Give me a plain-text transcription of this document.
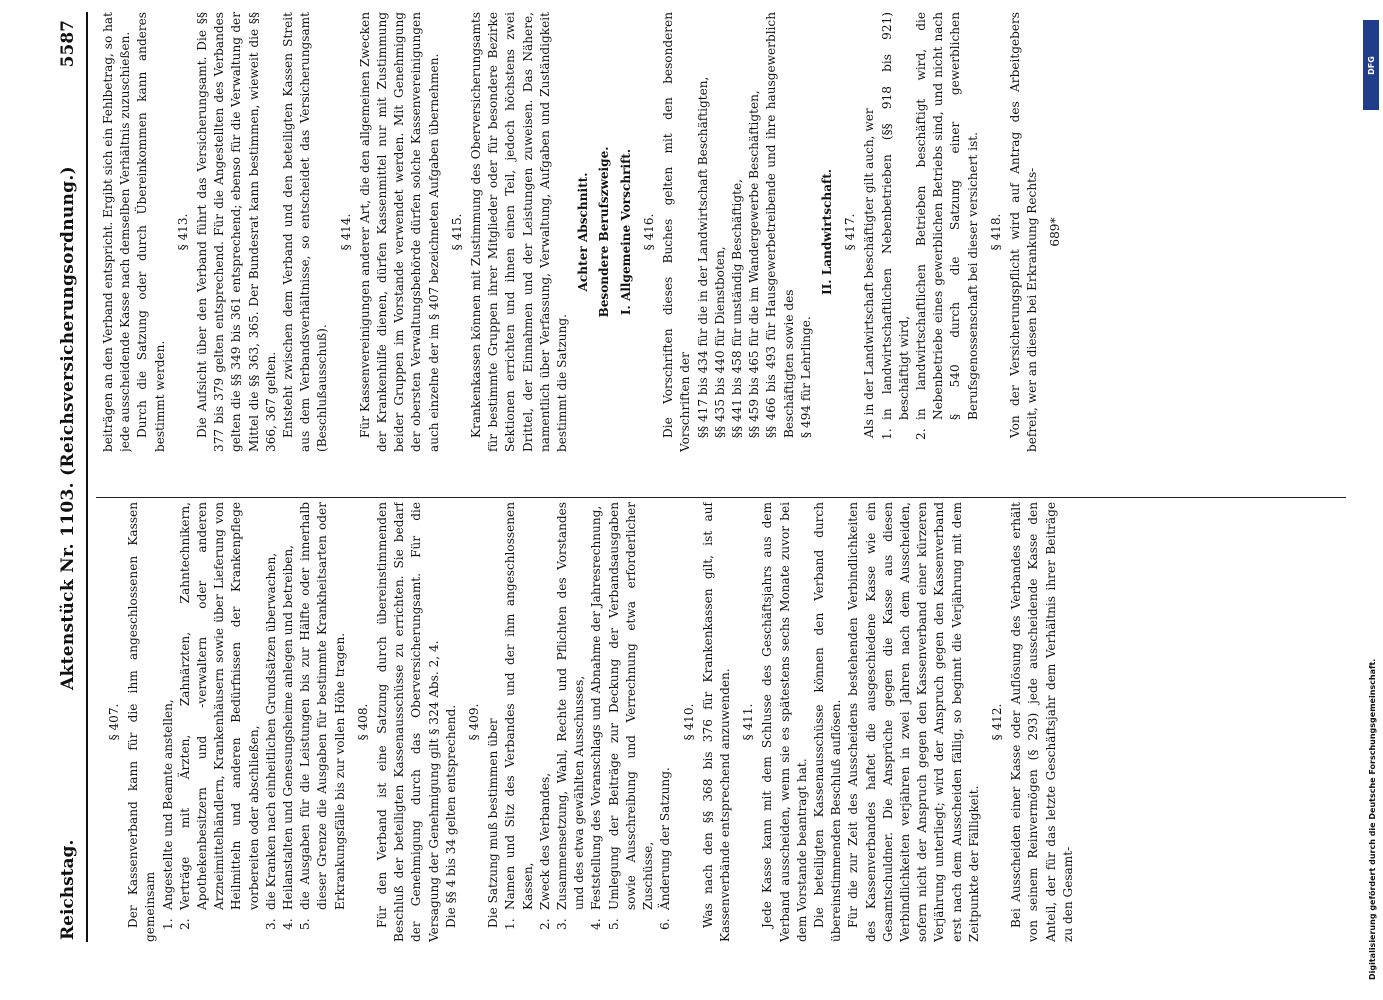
Reichstag.
Aktenstück Nr. 1103. (Reichsversicherungsordnung.)
5587

§ 407. Der Kassenverband kann für die ihm angeschlossenen Kassen gemeinsam 1.
Angestellte und Beamte anstellen,

2.
Verträge mit Ärzten, Zahnärzten, Zahntechnikern, Apothekenbesitzern und -verwaltern oder anderen Arzneimittelhändlern, Krankenhäusern sowie über Lieferung von Heilmitteln und anderen Bedürfnissen der Krankenpflege vorbereiten oder abschließen,

3.
die Kranken nach einheitlichen Grundsätzen überwachen,

4.
Heilanstalten und Genesungsheime anlegen und betreiben,

5.
die Ausgaben für die Leistungen bis zur Hälfte oder innerhalb dieser Grenze die Ausgaben für bestimmte Krankheitsarten oder Erkrankungsfälle bis zur vollen Höhe tragen. § 408. Für den Verband ist eine Satzung durch übereinstimmenden Beschluß der beteiligten Kassenausschüsse zu errichten. Sie bedarf der Genehmigung durch das Oberversicherungsamt. Für die Versagung der Genehmigung gilt § 324 Abs. 2, 4. Die §§ 4 bis 34 gelten entsprechend. § 409. Die Satzung muß bestimmen über 1.
Namen und Sitz des Verbandes und der ihm angeschlossenen Kassen,

2.
Zweck des Verbandes,

3.
Zusammensetzung, Wahl, Rechte und Pflichten des Vorstandes und des etwa gewählten Ausschusses,

4.
Feststellung des Voranschlags und Abnahme der Jahresrechnung,

5.
Umlegung der Beiträge zur Deckung der Verbandsausgaben sowie Ausschreibung und Verrechnung etwa erforderlicher Zuschüsse,

6.
Änderung der Satzung.

§ 410. Was nach den §§ 368 bis 376 für Krankenkassen gilt, ist auf Kassenverbände entsprechend anzuwenden. § 411. Jede Kasse kann mit dem Schlusse des Geschäftsjahrs aus dem Verband ausscheiden, wenn sie es spätestens sechs Monate zuvor bei dem Vorstande beantragt hat. Die beteiligten Kassenausschüsse können den Verband durch übereinstimmenden Beschluß auflösen. Für die zur Zeit des Ausscheidens bestehenden Verbindlichkeiten des Kassenverbandes haftet die ausgeschiedene Kasse wie ein Gesamtschuldner. Die Ansprüche gegen die Kasse aus diesen Verbindlichkeiten verjähren in zwei Jahren nach dem Ausscheiden, sofern nicht der Anspruch gegen den Kassenverband einer kürzeren Verjährung unterliegt; wird der Anspruch gegen den Kassenverband erst nach dem Ausscheiden fällig, so beginnt die Verjährung mit dem Zeitpunkte der Fälligkeit.

§ 412. Bei Ausscheiden einer Kasse oder Auflösung des Verbandes erhält von seinem Reinvermögen (§ 293) jede ausscheidende Kasse den Anteil, der für das letzte Geschäftsjahr dem Verhältnis ihrer Beiträge zu den Gesamt-

beiträgen an den Verband entspricht. Ergibt sich ein Fehlbetrag, so hat jede ausscheidende Kasse nach demselben Verhältnis zuzuschießen. Durch die Satzung oder durch Übereinkommen kann anderes bestimmt werden.

§ 413. Die Aufsicht über den Verband führt das Versicherungsamt. Die §§ 377 bis 379 gelten entsprechend. Für die Angestellten des Verbandes gelten die §§ 349 bis 361 entsprechend; ebenso für die Verwaltung der Mittel die §§ 363, 365. Der Bundesrat kann bestimmen, wieweit die §§ 366, 367 gelten. Entsteht zwischen dem Verband und den beteiligten Kassen Streit aus dem Verbandsverhältnisse, so entscheidet das Versicherungsamt (Beschlußausschuß).

§ 414. Für Kassenvereinigungen anderer Art, die den allgemeinen Zwecken der Krankenhilfe dienen, dürfen Kassenmittel nur mit Zustimmung beider Gruppen im Vorstande verwendet werden. Mit Genehmigung der obersten Verwaltungsbehörde dürfen solche Kassenvereinigungen auch einzelne der im § 407 bezeichneten Aufgaben übernehmen. § 415. Krankenkassen können mit Zustimmung des Oberversicherungsamts für bestimmte Gruppen ihrer Mitglieder oder für besondere Bezirke Sektionen errichten und ihnen einen Teil, jedoch höchstens zwei Drittel, der Einnahmen und der Leistungen zuweisen. Das Nähere, namentlich über Verfassung, Verwaltung, Aufgaben und Zuständigkeit bestimmt die Satzung.

Achter Abschnitt. Besondere Berufszweige. I. Allgemeine Vorschrift. § 416. Die Vorschriften dieses Buches gelten mit den besonderen Vorschriften der §§ 417 bis 434 für die in der Landwirtschaft Beschäftigten, §§ 435 bis 440 für Dienstboten, §§ 441 bis 458 für unständig Beschäftigte, §§ 459 bis 465 für die im Wandergewerbe Beschäftigten, §§ 466 bis 493 für Hausgewerbetreibende und ihre hausgewerblich Beschäftigten sowie des § 494 für Lehrlinge.

II. Landwirtschaft. § 417. Als in der Landwirtschaft beschäftigter gilt auch, wer 1.
in landwirtschaftlichen Nebenbetrieben (§§ 918 bis 921) beschäftigt wird,

2.
in landwirtschaftlichen Betrieben beschäftigt wird, die Nebenbetriebe eines gewerblichen Betriebs sind, und nicht nach § 540 durch die Satzung einer gewerblichen Berufsgenossenschaft bei dieser versichert ist. § 418. Von der Versicherungspflicht wird auf Antrag des Arbeitgebers befreit, wer an diesen bei Erkrankung Rechts- 689*

DFG
Digitalisierung gefördert durch die Deutsche Forschungsgemeinschaft.
